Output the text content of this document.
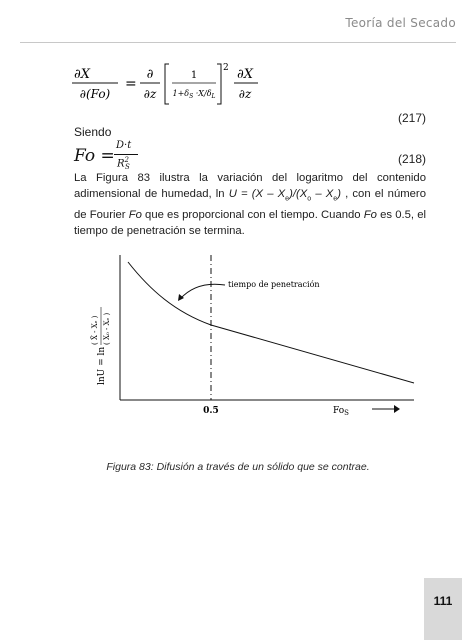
Teoría del Secado
∂X
∂(Fo)
=
∂
∂z
1
$1+\delta_S \cdot X/\delta_L$
2 ∂X
∂z
(217)
Siendo
Fo =
D·t
$R^2_S$
(218)
La Figura 83 ilustra la variación del logaritmo del contenido adimensional de humedad, $\ln U = (X - X_e)/(X_o - X_e)$ , con el número de Fourier Fo que es proporcional con el tiempo. Cuando Fo es 0.5, el tiempo de penetración se termina.
tiempo de penetración
lnU = ln
( X̄ - Xₑ ) ( X₀ - Xₑ )
0.5	$Fo_S$
Figura 83: Difusión a través de un sólido que se contrae.
111
